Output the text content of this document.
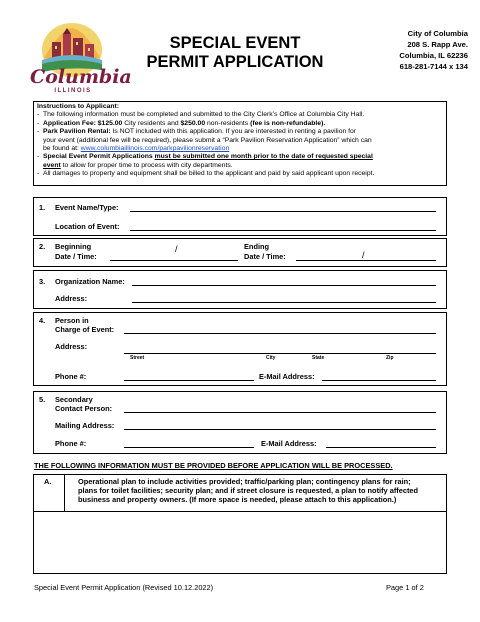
Columbia
ILLINOIS
SPECIAL EVENT
PERMIT APPLICATION
City of Columbia
208 S. Rapp Ave.
Columbia, IL 62236
618-281-7144 x 134
Instructions to Applicant:
- The following information must be completed and submitted to the City Clerk’s Office at Columbia City Hall.
- Application Fee: $125.00 City residents and $250.00 non-residents (fee is non-refundable).
- Park Pavilion Rental: Is NOT included with this application. If you are interested in renting a pavilion for
your event (additional fee will be required), please submit a “Park Pavilion Reservation Application” which can
be found at: www.columbiaillinois.com/parkpavilionreservation
- Special Event Permit Applications must be submitted one month prior to the date of requested special
event to allow for proper time to process with city departments.
- All damages to property and equipment shall be billed to the applicant and paid by said applicant upon receipt.
1. Event Name/Type:
Location of Event:
2. Beginning
Date / Time:
/	Ending
Date / Time:	/
3. Organization Name:
Address:
4. Person in
Charge of Event:
Address:
Street	City	State	Zip
Phone #:	E-Mail Address:
5. Secondary
Contact Person:
Mailing Address:
Phone #:	E-Mail Address:
THE FOLLOWING INFORMATION MUST BE PROVIDED BEFORE APPLICATION WILL BE PROCESSED.
A.	Operational plan to include activities provided; traffic/parking plan; contingency plans for rain;
plans for toilet facilities; security plan; and if street closure is requested, a plan to notify affected
business and property owners. (If more space is needed, please attach to this application.)
Special Event Permit Application (Revised 10.12.2022)	Page 1 of 2
